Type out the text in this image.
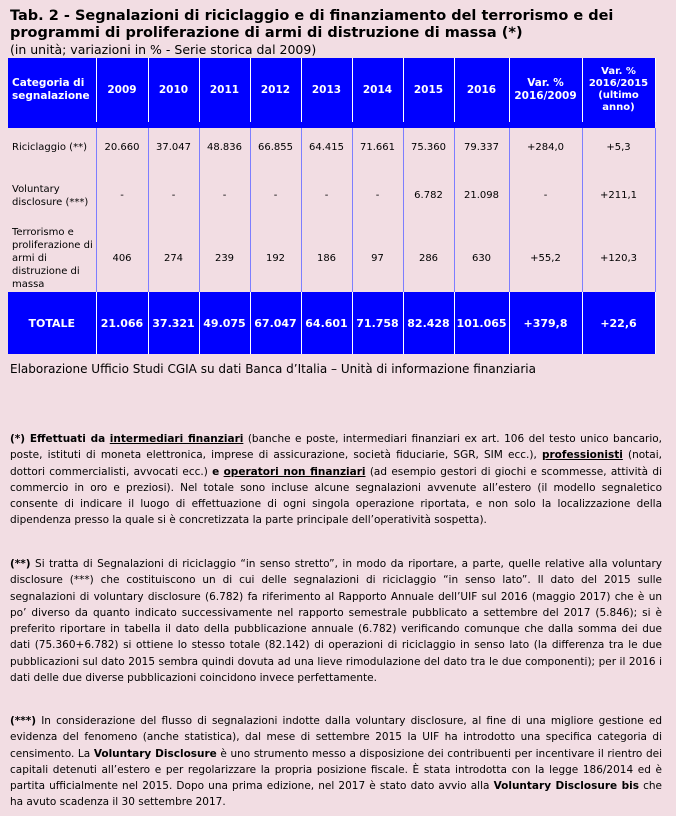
Tab. 2 - Segnalazioni di riciclaggio e di finanziamento del terrorismo e dei programmi di proliferazione di armi di distruzione di massa (*)
(in unità; variazioni in % - Serie storica dal 2009)
Categoria di segnalazione	2009	2010	2011	2012	2013	2014	2015	2016	Var. % 2016/2009	Var. % 2016/2015 (ultimo anno)

Riciclaggio (**)	20.660	37.047	48.836	66.855	64.415	71.661	75.360	79.337	+284,0	+5,3
Voluntary disclosure (***)	-	-	-	-	-	-	6.782	21.098	-	+211,1
Terrorismo e proliferazione di armi di distruzione di massa	406	274	239	192	186	97	286	630	+55,2	+120,3
TOTALE	21.066	37.321	49.075	67.047	64.601	71.758	82.428	101.065	+379,8	+22,6
Elaborazione Ufficio Studi CGIA su dati Banca d’Italia – Unità di informazione finanziaria
(*) Effettuati da intermediari finanziari (banche e poste, intermediari finanziari ex art. 106 del testo unico bancario, poste, istituti di moneta elettronica, imprese di assicurazione, società fiduciarie, SGR, SIM ecc.), professionisti (notai, dottori commercialisti, avvocati ecc.) e operatori non finanziari (ad esempio gestori di giochi e scommesse, attività di commercio in oro e preziosi). Nel totale sono incluse alcune segnalazioni avvenute all’estero (il modello segnaletico consente di indicare il luogo di effettuazione di ogni singola operazione riportata, e non solo la localizzazione della dipendenza presso la quale si è concretizzata la parte principale dell’operatività sospetta).
(**) Si tratta di Segnalazioni di riciclaggio “in senso stretto”, in modo da riportare, a parte, quelle relative alla voluntary disclosure (***) che costituiscono un di cui delle segnalazioni di riciclaggio “in senso lato”. Il dato del 2015 sulle segnalazioni di voluntary disclosure (6.782) fa riferimento al Rapporto Annuale dell’UIF sul 2016 (maggio 2017) che è un po’ diverso da quanto indicato successivamente nel rapporto semestrale pubblicato a settembre del 2017 (5.846); si è preferito riportare in tabella il dato della pubblicazione annuale (6.782) verificando comunque che dalla somma dei due dati (75.360+6.782) si ottiene lo stesso totale (82.142) di operazioni di riciclaggio in senso lato (la differenza tra le due pubblicazioni sul dato 2015 sembra quindi dovuta ad una lieve rimodulazione del dato tra le due componenti); per il 2016 i dati delle due diverse pubblicazioni coincidono invece perfettamente.
(***) In considerazione del flusso di segnalazioni indotte dalla voluntary disclosure, al fine di una migliore gestione ed evidenza del fenomeno (anche statistica), dal mese di settembre 2015 la UIF ha introdotto una specifica categoria di censimento. La Voluntary Disclosure è uno strumento messo a disposizione dei contribuenti per incentivare il rientro dei capitali detenuti all’estero e per regolarizzare la propria posizione fiscale. È stata introdotta con la legge 186/2014 ed è partita ufficialmente nel 2015. Dopo una prima edizione, nel 2017 è stato dato avvio alla Voluntary Disclosure bis che ha avuto scadenza il 30 settembre 2017.
